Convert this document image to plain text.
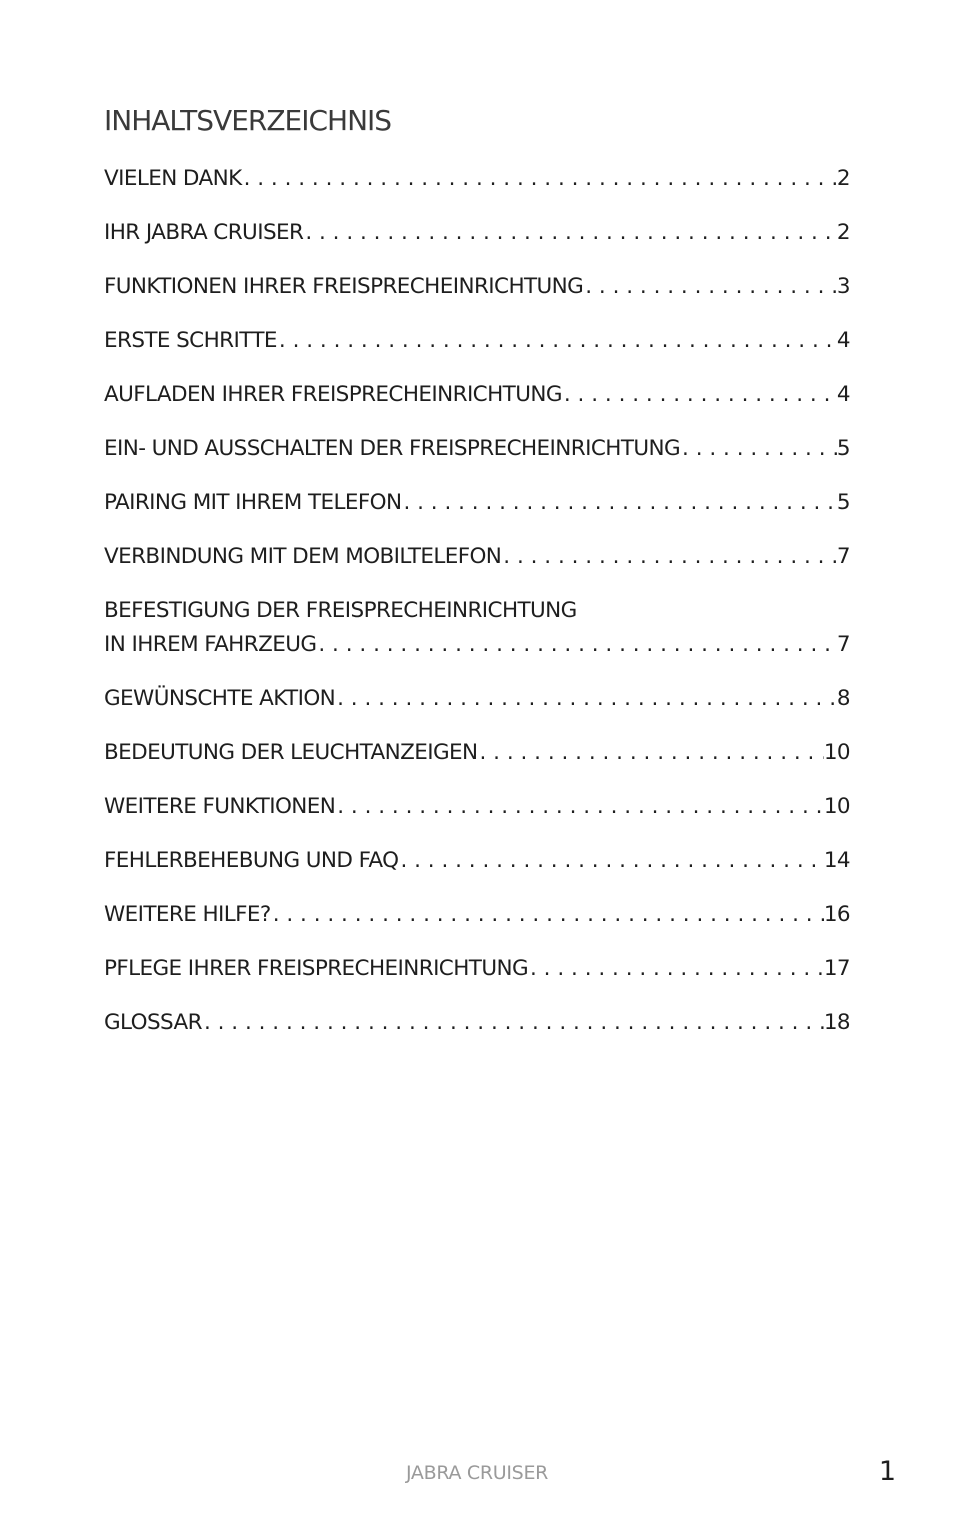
INHALTSVERZEICHNIS
VIELEN DANK . . .	2
IHR JABRA CRUISER . . .	2
FUNKTIONEN IHRER FREISPRECHEINRICHTUNG . . .	3
ERSTE SCHRITTE . . .	4
AUFLADEN IHRER FREISPRECHEINRICHTUNG . . .	4
EIN- UND AUSSCHALTEN DER FREISPRECHEINRICHTUNG . . .	5
PAIRING MIT IHREM TELEFON . . .	5
VERBINDUNG MIT DEM MOBILTELEFON . . .	7
BEFESTIGUNG DER FREISPRECHEINRICHTUNG
IN IHREM FAHRZEUG . . .	7
GEWÜNSCHTE AKTION . . .	8
BEDEUTUNG DER LEUCHTANZEIGEN . . .	10
WEITERE FUNKTIONEN . . .	10
FEHLERBEHEBUNG UND FAQ . . .	14
WEITERE HILFE? . . .	16
PFLEGE IHRER FREISPRECHEINRICHTUNG . . .	17
GLOSSAR . . .	18
JABRA CRUISER	1
